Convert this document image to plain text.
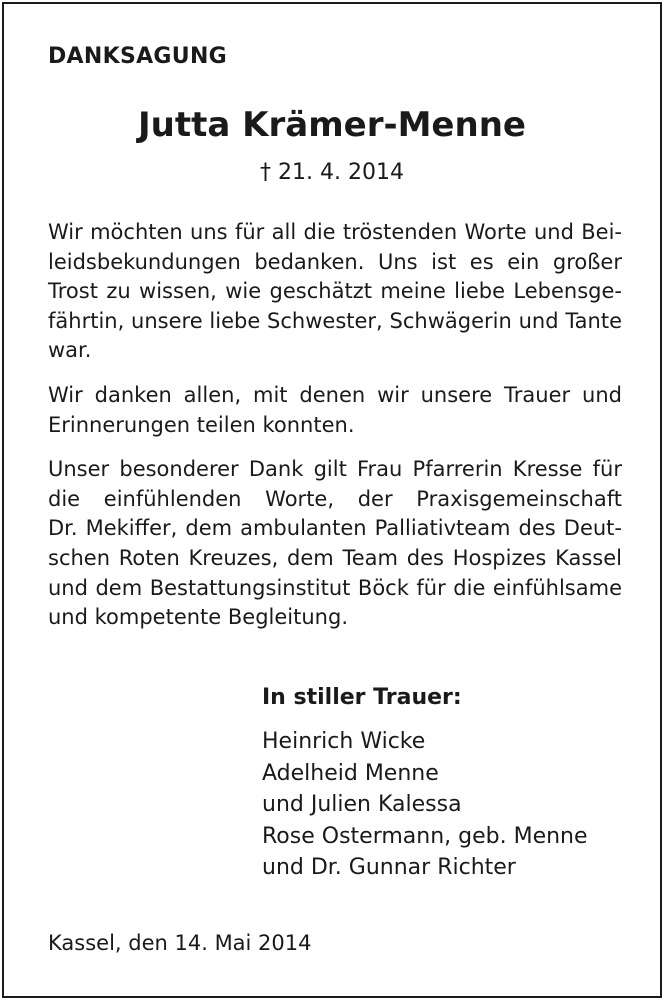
DANKSAGUNG
Jutta Krämer-Menne
† 21. 4. 2014

Wir möchten uns für all die tröstenden Worte und Bei-
leidsbekundungen bedanken. Uns ist es ein großer
Trost zu wissen, wie geschätzt meine liebe Lebensge-
fährtin, unsere liebe Schwester, Schwägerin und Tante
war.

Wir danken allen, mit denen wir unsere Trauer und
Erinnerungen teilen konnten.

Unser besonderer Dank gilt Frau Pfarrerin Kresse für
die einfühlenden Worte, der Praxisgemeinschaft
Dr. Mekiffer, dem ambulanten Palliativteam des Deut-
schen Roten Kreuzes, dem Team des Hospizes Kassel
und dem Bestattungsinstitut Böck für die einfühlsame
und kompetente Begleitung.

In stiller Trauer:
Heinrich Wicke
Adelheid Menne
und Julien Kalessa
Rose Ostermann, geb. Menne
und Dr. Gunnar Richter
Kassel, den 14. Mai 2014
